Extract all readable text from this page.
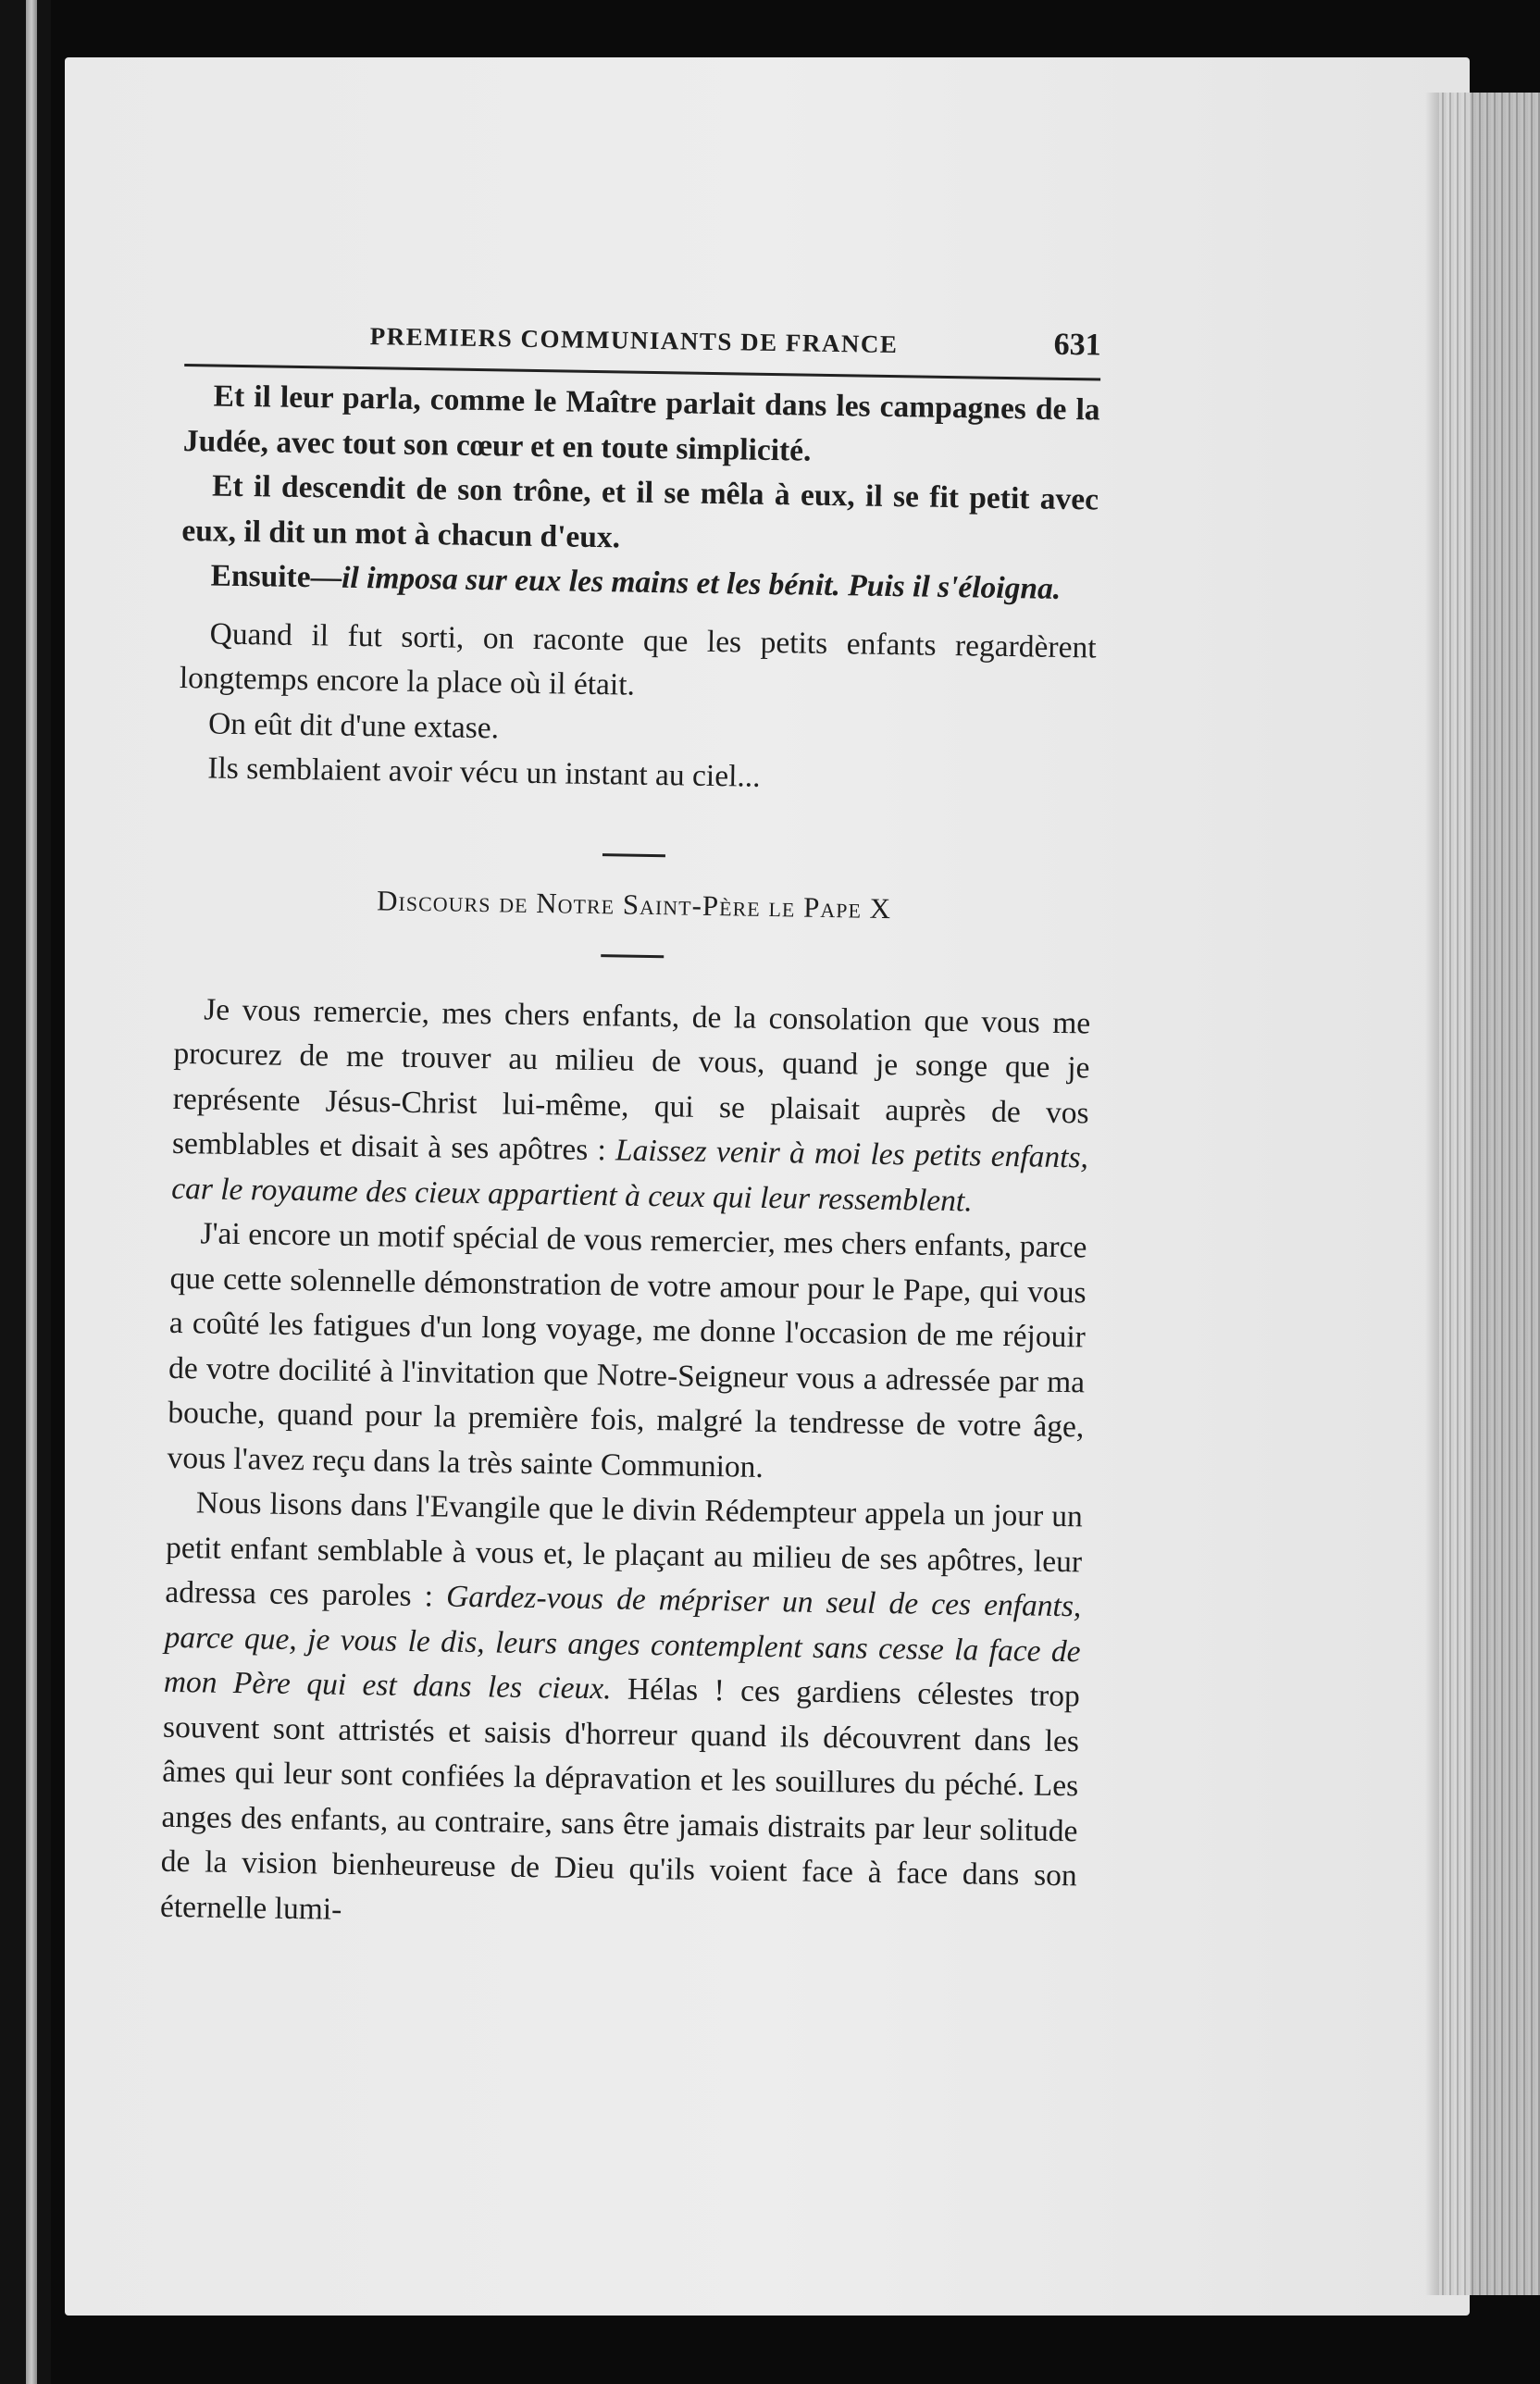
PREMIERS COMMUNIANTS DE FRANCE	631

Et il leur parla, comme le Maître parlait dans les campagnes de la Judée, avec tout son cœur et en toute simplicité.

Et il descendit de son trône, et il se mêla à eux, il se fit petit avec eux, il dit un mot à chacun d'eux.

Ensuite—il imposa sur eux les mains et les bénit. Puis il s'éloigna.

Quand il fut sorti, on raconte que les petits enfants regardèrent longtemps encore la place où il était.

On eût dit d'une extase.

Ils semblaient avoir vécu un instant au ciel...

Discours de Notre Saint-Père le Pape X

Je vous remercie, mes chers enfants, de la consolation que vous me procurez de me trouver au milieu de vous, quand je songe que je représente Jésus-Christ lui-même, qui se plaisait auprès de vos semblables et disait à ses apôtres : Laissez venir à moi les petits enfants, car le royaume des cieux appartient à ceux qui leur ressemblent.

J'ai encore un motif spécial de vous remercier, mes chers enfants, parce que cette solennelle démonstration de votre amour pour le Pape, qui vous a coûté les fatigues d'un long voyage, me donne l'occasion de me réjouir de votre docilité à l'invitation que Notre-Seigneur vous a adressée par ma bouche, quand pour la première fois, malgré la tendresse de votre âge, vous l'avez reçu dans la très sainte Communion.

Nous lisons dans l'Evangile que le divin Rédempteur appela un jour un petit enfant semblable à vous et, le plaçant au milieu de ses apôtres, leur adressa ces paroles : Gardez-vous de mépriser un seul de ces enfants, parce que, je vous le dis, leurs anges contemplent sans cesse la face de mon Père qui est dans les cieux. Hélas ! ces gardiens célestes trop souvent sont attristés et saisis d'horreur quand ils découvrent dans les âmes qui leur sont confiées la dépravation et les souillures du péché. Les anges des enfants, au contraire, sans être jamais distraits par leur solitude de la vision bienheureuse de Dieu qu'ils voient face à face dans son éternelle lumi-
